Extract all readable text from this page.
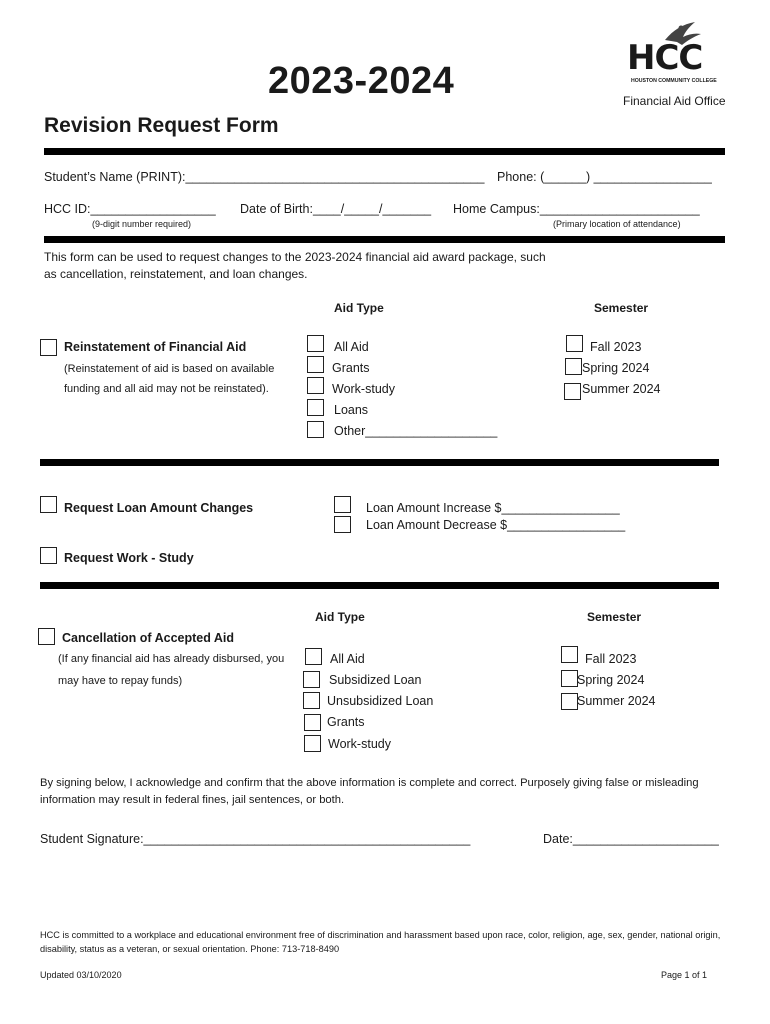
2023-2024
Revision Request Form
HCC
HOUSTON COMMUNITY COLLEGE
Financial Aid Office
Student’s Name (PRINT):___________________________________________ Phone: (______) _________________
HCC ID:__________________ Date of Birth:____/_____/_______ Home Campus:_______________________
(9-digit number required)	(Primary location of attendance)
This form can be used to request changes to the 2023-2024 financial aid award package, such
as cancellation, reinstatement, and loan changes.
Aid Type	Semester
Reinstatement of Financial Aid
(Reinstatement of aid is based on available
funding and all aid may not be reinstated).
All Aid
Grants
Work-study
Loans
Other___________________
Fall 2023
Spring 2024
Summer 2024
Request Loan Amount Changes	Loan Amount Increase $_________________
Loan Amount Decrease $_________________
Request Work - Study
Aid Type	Semester
Cancellation of Accepted Aid
(If any financial aid has already disbursed, you
may have to repay funds)
All Aid
Subsidized Loan
Unsubsidized Loan
Grants
Work-study
Fall 2023
Spring 2024
Summer 2024
By signing below, I acknowledge and confirm that the above information is complete and correct. Purposely giving false or misleading information may result in federal fines, jail sentences, or both.
Student Signature:_______________________________________________	Date:_____________________
HCC is committed to a workplace and educational environment free of discrimination and harassment based upon race, color, religion, age, sex, gender, national origin, disability, status as a veteran, or sexual orientation. Phone: 713-718-8490
Updated 03/10/2020	Page 1 of 1
